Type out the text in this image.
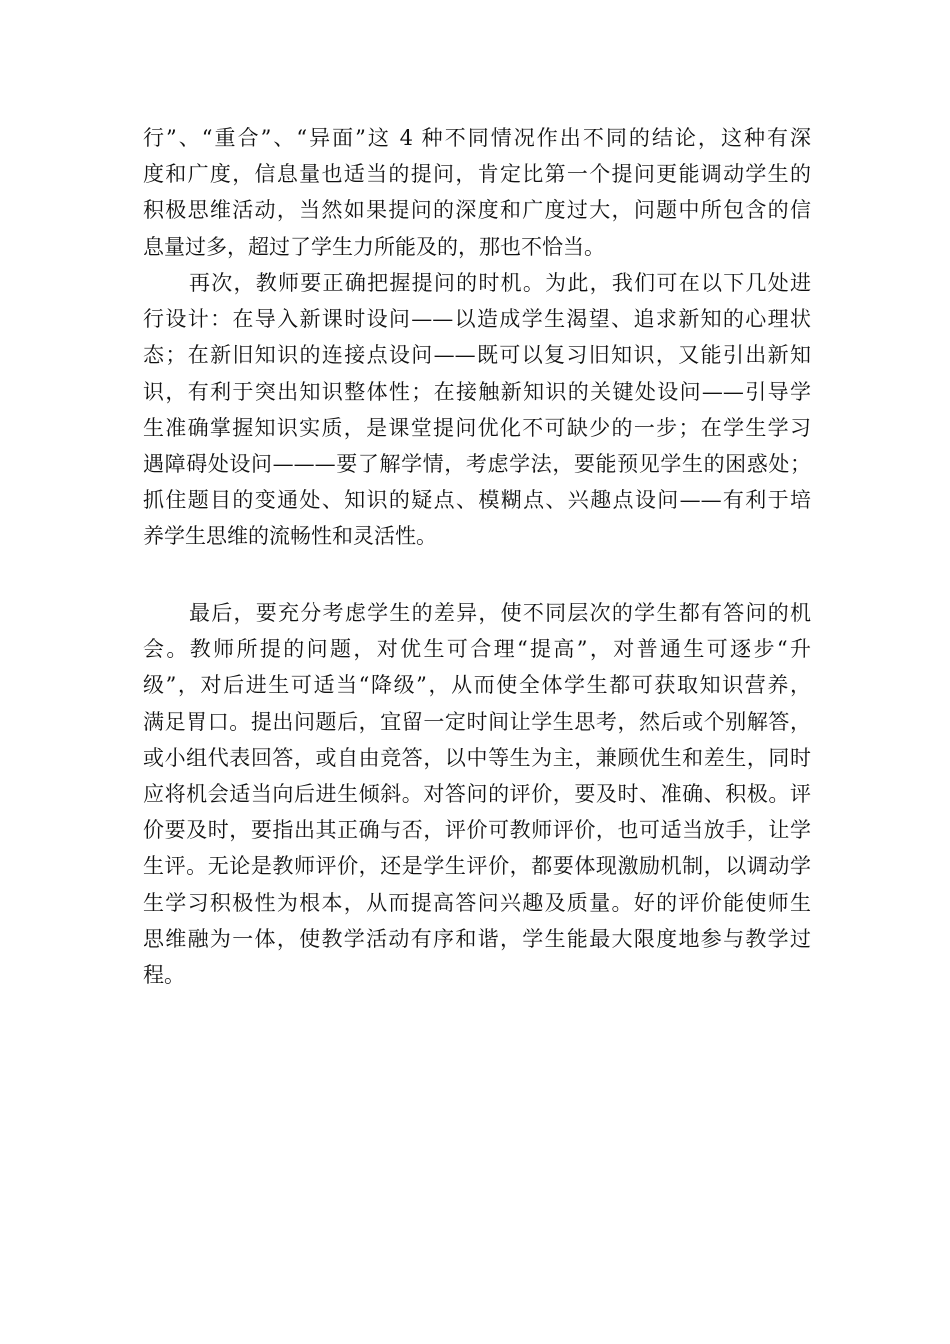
行”、“重合”、“异面”这 4 种不同情况作出不同的结论，这种有深
度和广度，信息量也适当的提问，肯定比第一个提问更能调动学生的
积极思维活动，当然如果提问的深度和广度过大，问题中所包含的信
息量过多，超过了学生力所能及的，那也不恰当。
再次，教师要正确把握提问的时机。为此，我们可在以下几处进
行设计：在导入新课时设问——以造成学生渴望、追求新知的心理状
态；在新旧知识的连接点设问——既可以复习旧知识，又能引出新知
识，有利于突出知识整体性；在接触新知识的关键处设问——引导学
生准确掌握知识实质，是课堂提问优化不可缺少的一步；在学生学习
遇障碍处设问———要了解学情，考虑学法，要能预见学生的困惑处；
抓住题目的变通处、知识的疑点、模糊点、兴趣点设问——有利于培
养学生思维的流畅性和灵活性。
最后，要充分考虑学生的差异，使不同层次的学生都有答问的机
会。教师所提的问题，对优生可合理“提高”，对普通生可逐步“升
级”，对后进生可适当“降级”，从而使全体学生都可获取知识营养，
满足胃口。提出问题后，宜留一定时间让学生思考，然后或个别解答，
或小组代表回答，或自由竞答，以中等生为主，兼顾优生和差生，同时
应将机会适当向后进生倾斜。对答问的评价，要及时、准确、积极。评
价要及时，要指出其正确与否，评价可教师评价，也可适当放手，让学
生评。无论是教师评价，还是学生评价，都要体现激励机制，以调动学
生学习积极性为根本，从而提高答问兴趣及质量。好的评价能使师生
思维融为一体，使教学活动有序和谐，学生能最大限度地参与教学过
程。
